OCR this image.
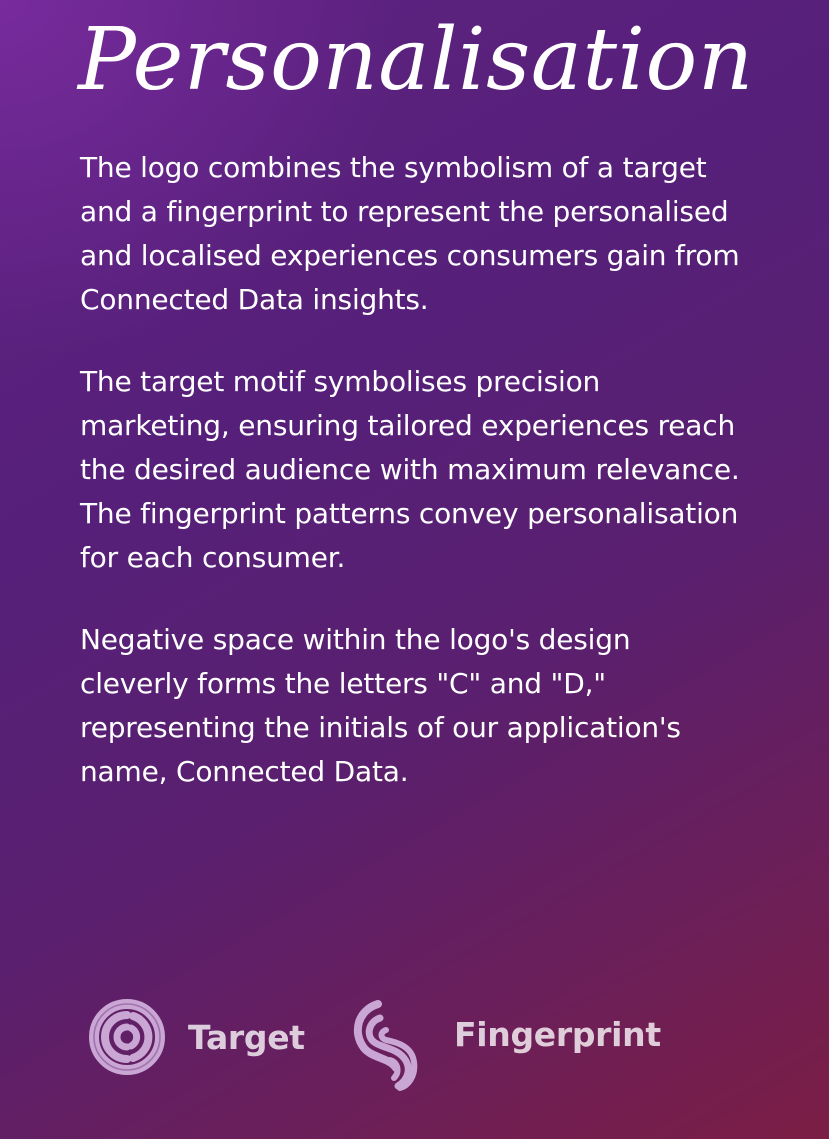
Personalisation

The logo combines the symbolism of a target and a fingerprint to represent the personalised and localised experiences consumers gain from Connected Data insights.

The target motif symbolises precision marketing, ensuring tailored experiences reach the desired audience with maximum relevance. The fingerprint patterns convey personalisation for each consumer.

Negative space within the logo's design cleverly forms the letters "C" and "D," representing the initials of our application's name, Connected Data.

Target	Fingerprint
